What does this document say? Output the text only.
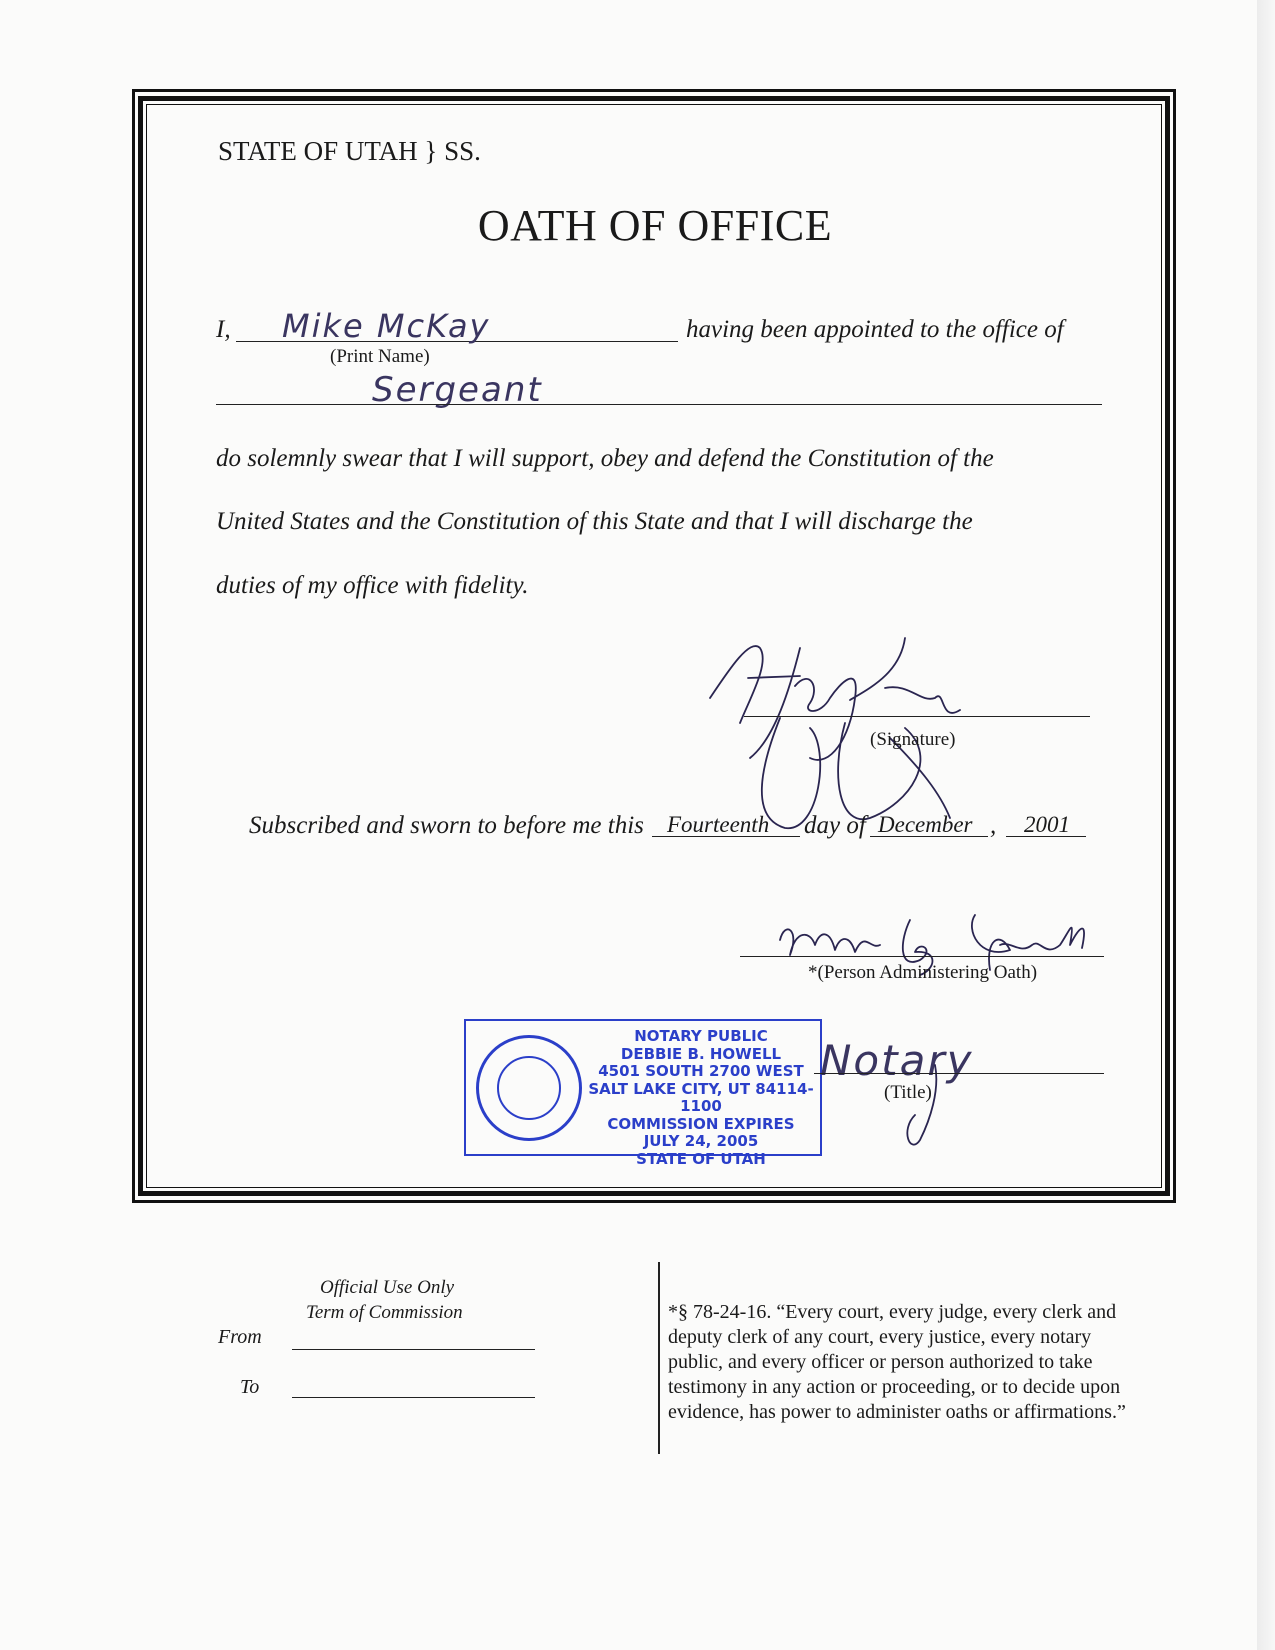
STATE OF UTAH } SS.
OATH OF OFFICE
I, Mike McKay
(Print Name)
having been appointed to the office of
Sergeant
do solemnly swear that I will support, obey and defend the Constitution of the
United States and the Constitution of this State and that I will discharge the
duties of my office with fidelity.
(Signature)
Subscribed and sworn to before me this Fourteenth day of December , 2001
*(Person Administering Oath)
NOTARY PUBLIC
DEBBIE B. HOWELL
4501 SOUTH 2700 WEST
SALT LAKE CITY, UT 84114-1100
COMMISSION EXPIRES
JULY 24, 2005
STATE OF UTAH
Notary
(Title)
Official Use Only
Term of Commission
From
To
*§ 78-24-16. “Every court, every judge, every clerk and deputy clerk of any court, every justice, every notary public, and every officer or person authorized to take testimony in any action or proceeding, or to decide upon evidence, has power to administer oaths or affirmations.”
